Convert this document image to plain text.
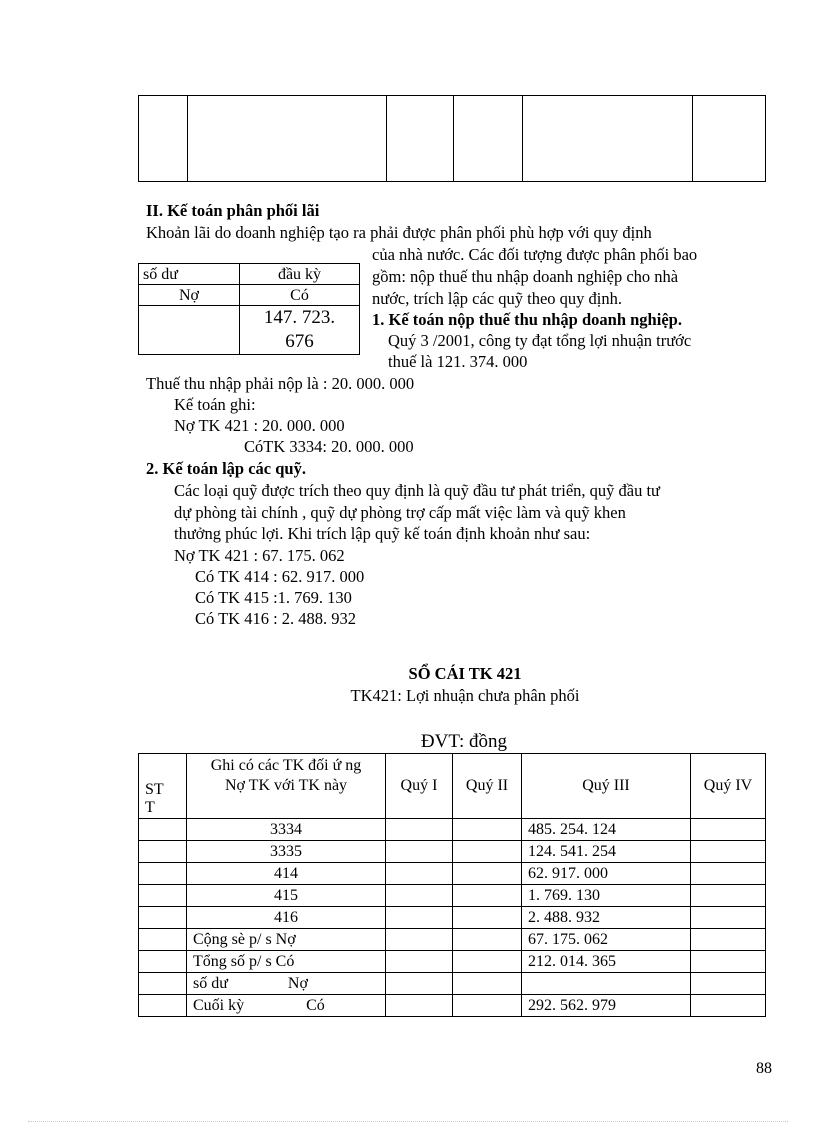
II. Kế toán phân phối lãi
Khoản lãi do doanh nghiệp tạo ra phải được phân phối phù hợp với quy định
của nhà nước. Các đối tượng được phân phối bao
gồm: nộp thuế thu nhập doanh nghiệp cho nhà
nước, trích lập các quỹ theo quy định.
số dư	đầu kỳ
Nợ	Có

	147. 723.
676
1. Kế toán nộp thuế thu nhập doanh nghiệp.
Quý 3 /2001, công ty đạt tổng lợi nhuận trước
thuế là 121. 374. 000
Thuế thu nhập phải nộp là : 20. 000. 000
Kế toán ghi:
Nợ TK 421 : 20. 000. 000
CóTK 3334: 20. 000. 000
2. Kế toán lập các quỹ.
Các loại quỹ được trích theo quy định là quỹ đầu tư phát triển, quỹ đầu tư
dự phòng tài chính , quỹ dự phòng trợ cấp mất việc làm và quỹ khen
thưởng phúc lợi. Khi trích lập quỹ kế toán định khoản như sau:
Nợ TK 421 : 67. 175. 062
Có TK 414 : 62. 917. 000
Có TK 415 :1. 769. 130
Có TK 416 : 2. 488. 932
SỔ CÁI TK 421
TK421: Lợi nhuận chưa phân phối
ĐVT: đồng
ST
T	Ghi có các TK đối ứ ng
Nợ TK với TK này	Quý I	Quý II	Quý III	Quý IV
	3334			485. 254. 124	
	3335			124. 541. 254	
	414			62. 917. 000	
	415			1. 769. 130	
	416			2. 488. 932	
	Cộng sè p/ s Nợ			67. 175. 062	
	Tổng số p/ s Có			212. 014. 365	
	số dư Nợ				
	Cuối kỳ Có			292. 562. 979	
88
